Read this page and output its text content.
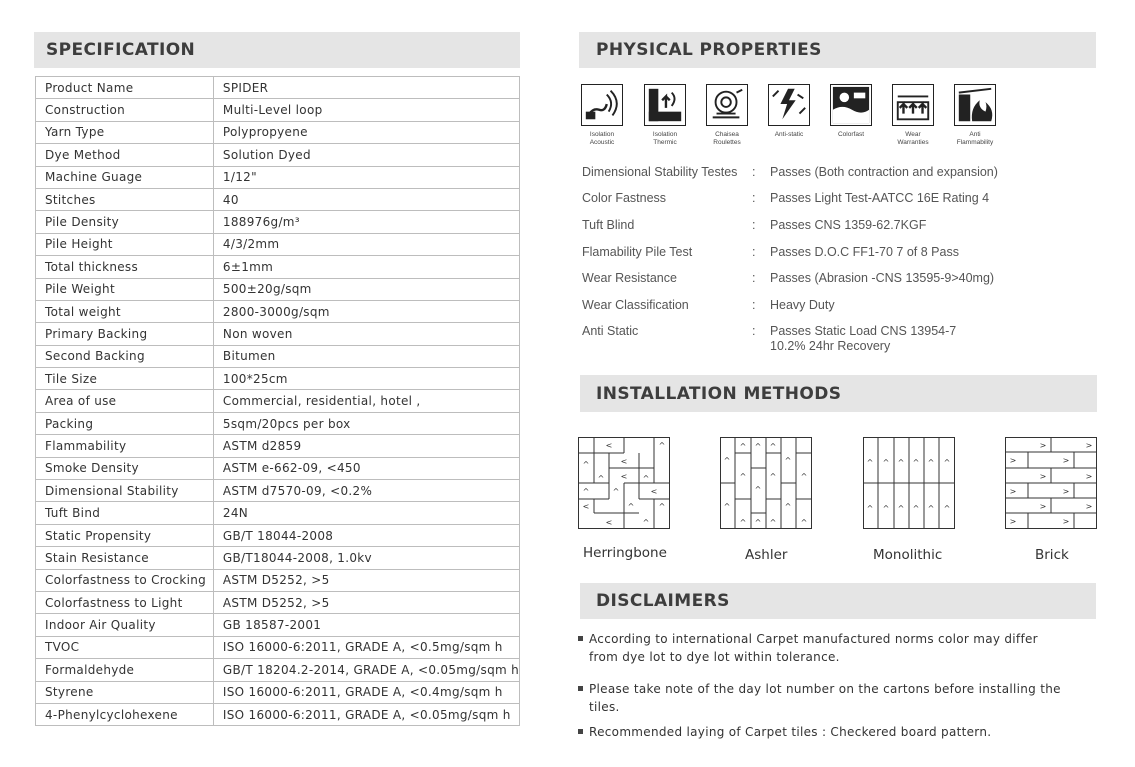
SPECIFICATION
Product Name	SPIDER
Construction	Multi-Level loop
Yarn Type	Polypropyene
Dye Method	Solution Dyed
Machine Guage	1/12"
Stitches	40
Pile Density	188976g/m³
Pile Height	4/3/2mm
Total thickness	6±1mm
Pile Weight	500±20g/sqm
Total weight	2800-3000g/sqm
Primary Backing	Non woven
Second Backing	Bitumen
Tile Size	100*25cm
Area of use	Commercial, residential, hotel ,
Packing	5sqm/20pcs per box
Flammability	ASTM d2859
Smoke Density	ASTM e-662-09, <450
Dimensional Stability	ASTM d7570-09, <0.2%
Tuft Bind	24N
Static Propensity	GB/T 18044-2008
Stain Resistance	GB/T18044-2008, 1.0kv
Colorfastness to Crocking	ASTM D5252, >5
Colorfastness to Light	ASTM D5252, >5
Indoor Air Quality	GB 18587-2001
TVOC	ISO 16000-6:2011, GRADE A, <0.5mg/sqm h
Formaldehyde	GB/T 18204.2-2014, GRADE A, <0.05mg/sqm h
Styrene	ISO 16000-6:2011, GRADE A, <0.4mg/sqm h
4-Phenylcyclohexene	ISO 16000-6:2011, GRADE A, <0.05mg/sqm h
PHYSICAL PROPERTIES
Isolation
Acoustic
Isolation
Thermic
Chaisea
Roulettes
Anti-static	Colorfast	Wear
Warranties
Anti
Flammability
Dimensional Stability Testes : Passes (Both contraction and expansion)
Color Fastness	: Passes Light Test-AATCC 16E Rating 4
Tuft Blind	: Passes CNS 1359-62.7KGF
Flamability Pile Test	: Passes D.O.C FF1-70 7 of 8 Pass
Wear Resistance	: Passes (Abrasion -CNS 13595-9>40mg)
Wear Classification	: Heavy Duty
Anti Static	: Passes Static Load CNS 13954-7
10.2% 24hr Recovery
INSTALLATION METHODS
<	^
^	<
^	^
<
^	^	<
<	^	^
<	^
Herringbone
^
^ ^ ^
^
^
^
^	^
^
^ ^ ^
^
^
Ashler
^ ^ ^ ^ ^ ^
^ ^ ^ ^ ^ ^
Monolithic
>	>
>	>
>	>
>	>
>	>
>	>
Brick
DISCLAIMERS
According to international Carpet manufactured norms color may differ
from dye lot to dye lot within tolerance.
Please take note of the day lot number on the cartons before installing the
tiles.
Recommended laying of Carpet tiles : Checkered board pattern.
